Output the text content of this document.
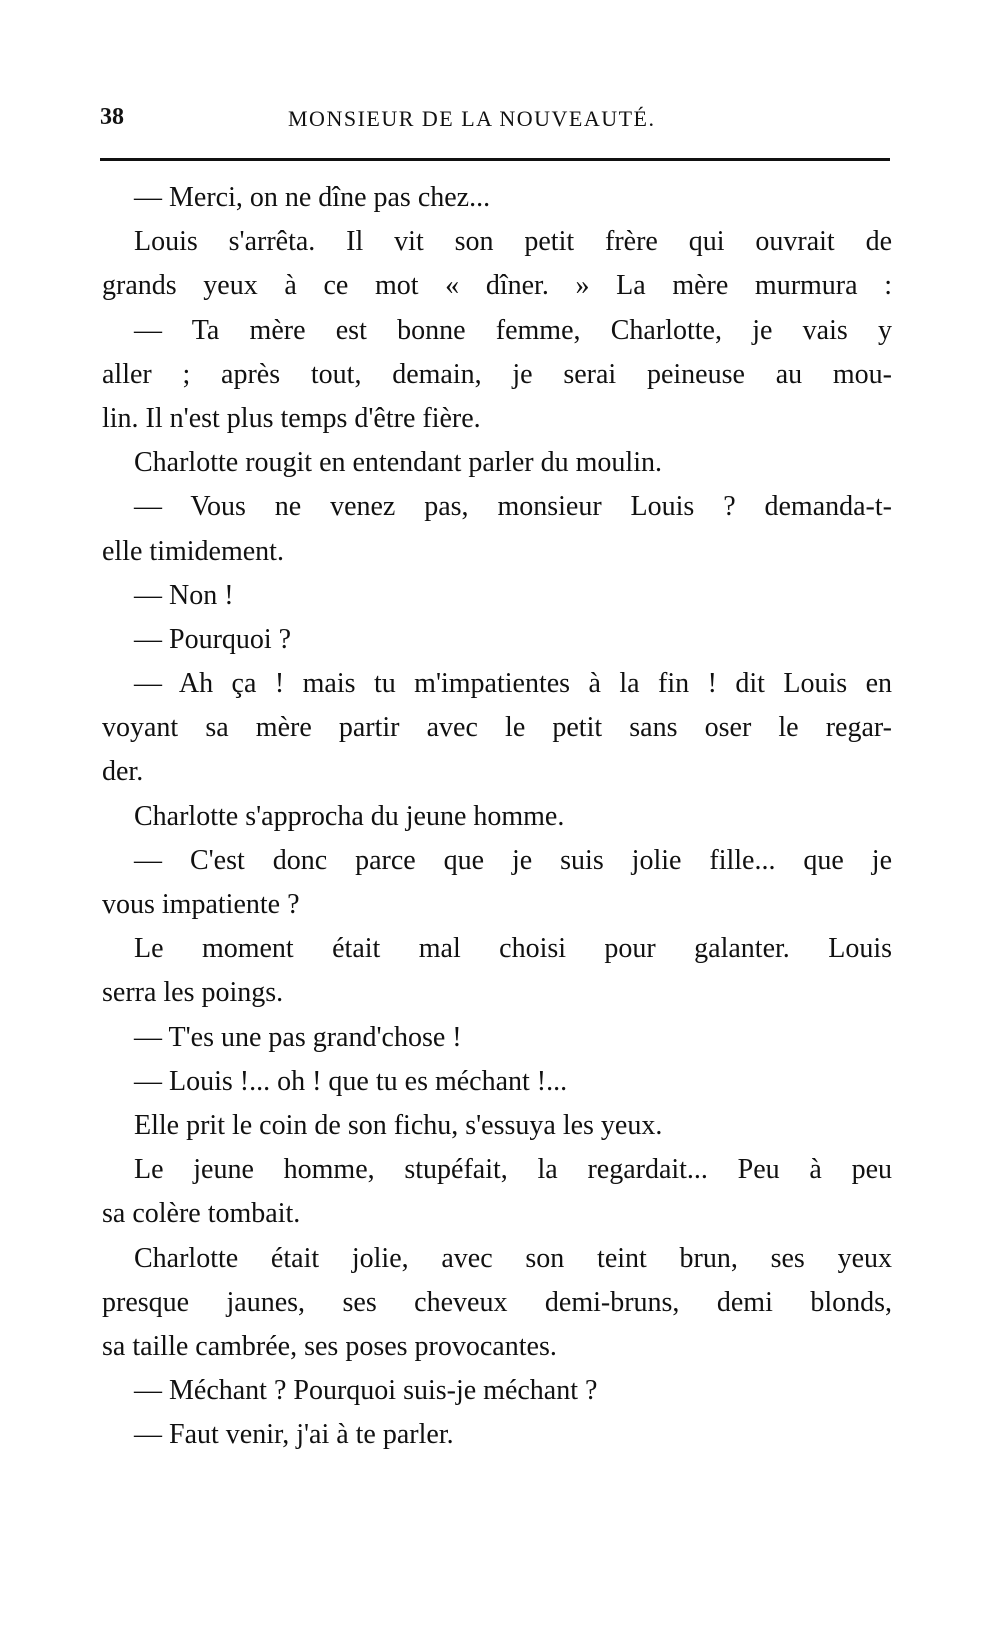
38	MONSIEUR DE LA NOUVEAUTÉ.
— Merci, on ne dîne pas chez...
Louis s'arrêta. Il vit son petit frère qui ouvrait de
grands yeux à ce mot « dîner. » La mère murmura :
— Ta mère est bonne femme, Charlotte, je vais y
aller ; après tout, demain, je serai peineuse au mou-
lin. Il n'est plus temps d'être fière.
Charlotte rougit en entendant parler du moulin.
— Vous ne venez pas, monsieur Louis ? demanda-t-
elle timidement.
— Non !
— Pourquoi ?
— Ah ça ! mais tu m'impatientes à la fin ! dit Louis en
voyant sa mère partir avec le petit sans oser le regar-
der.
Charlotte s'approcha du jeune homme.
— C'est donc parce que je suis jolie fille... que je
vous impatiente ?
Le moment était mal choisi pour galanter. Louis
serra les poings.
— T'es une pas grand'chose !
— Louis !... oh ! que tu es méchant !...
Elle prit le coin de son fichu, s'essuya les yeux.
Le jeune homme, stupéfait, la regardait... Peu à peu
sa colère tombait.
Charlotte était jolie, avec son teint brun, ses yeux
presque jaunes, ses cheveux demi-bruns, demi blonds,
sa taille cambrée, ses poses provocantes.
— Méchant ? Pourquoi suis-je méchant ?
— Faut venir, j'ai à te parler.
